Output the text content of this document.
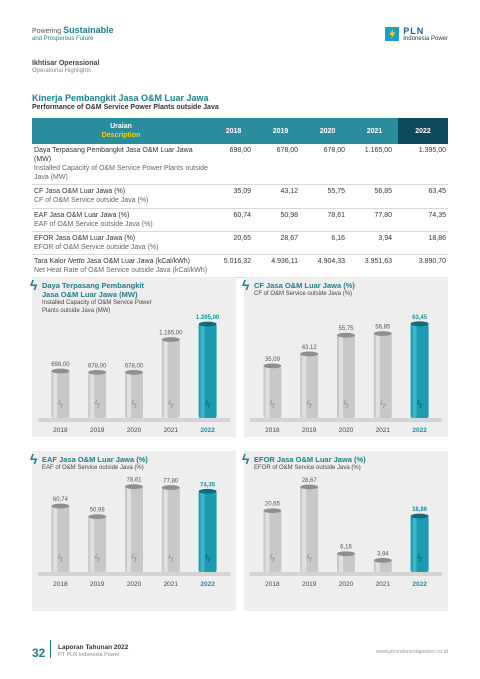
Powering Sustainable
and Prosperous Future
PLN
Indonesia Power
Ikhtisar Operasional
Operational Highlights
Kinerja Pembangkit Jasa O&M Luar Jawa
Performance of O&M Service Power Plants outside Java
Uraian
Description	2018	2019	2020	2021	2022

Daya Terpasang Pembangkit Jasa O&M Luar Jawa (MW)
Installed Capacity of O&M Service Power Plants outside Java (MW)	698,00	678,00	678,00	1.165,00	1.395,00

CF Jasa O&M Luar Jawa (%)
CF of O&M Service outside Java (%)	35,09	43,12	55,75	56,85	63,45

EAF Jasa O&M Luar Jawa (%)
EAF of O&M Service outside Java (%)	60,74	50,98	78,61	77,80	74,35

EFOR Jasa O&M Luar Jawa (%)
EFOR of O&M Service outside Java (%)	20,65	28,67	6,16	3,94	18,86

Tara Kalor Netto Jasa O&M Luar Jawa (kCal/kWh)
Net Heat Rate of O&M Service outside Java (kCal/kWh)	5.016,32	4.936,11	4.904,33	3.951,63	3.890,70
ϟ
698,00
2018
ϟ
678,00
2019
ϟ
678,00
2020
ϟ
1.165,00
2021
ϟ
1.395,00
2022
ϟ Daya Terpasang Pembangkit Jasa O&M Luar Jawa (MW)
Installed Capacity of O&M Service Power Plants outside Java (MW)
ϟ
35,09
2018
ϟ
43,12
2019
ϟ
55,75
2020
ϟ
56,85
2021
ϟ
63,45
2022
ϟ CF Jasa O&M Luar Jawa (%)
CF of O&M Service outside Java (%)
ϟ
60,74
2018
ϟ
50,98
2019
ϟ
78,61
2020
ϟ
77,80
2021
ϟ
74,35
2022
ϟ EAF Jasa O&M Luar Jawa (%)
EAF of O&M Service outside Java (%)
ϟ
20,65
2018
ϟ
28,67
2019
6,16
2020
3,94
2021
ϟ
18,86
2022
ϟ EFOR Jasa O&M Luar Jawa (%)
EFOR of O&M Service outside Java (%)
32 Laporan Tahunan 2022
PT PLN Indonesia Power	www.plnindonesiapower.co.id
